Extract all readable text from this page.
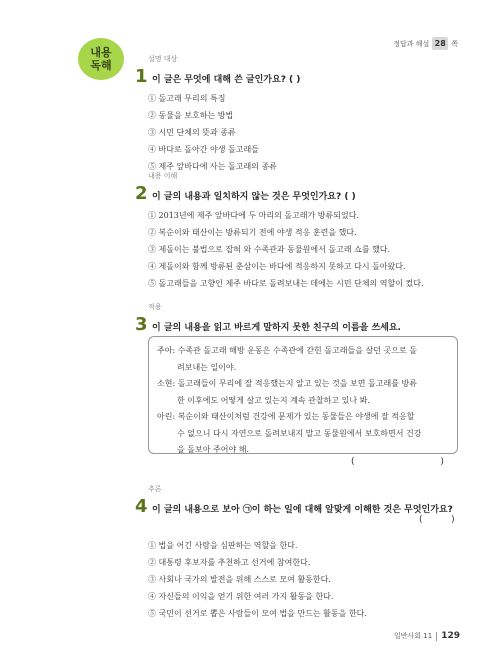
내용
독해
정답과 해설 28 쪽
설명 대상
1 이 글은 무엇에 대해 쓴 글인가요? ( )
① 돌고래 무리의 특징
② 동물을 보호하는 방법
③ 시민 단체의 뜻과 종류
④ 바다로 돌아간 야생 돌고래들
⑤ 제주 앞바다에 사는 돌고래의 종류
내용 이해
2 이 글의 내용과 일치하지 않는 것은 무엇인가요? ( )
① 2013년에 제주 앞바다에 두 마리의 돌고래가 방류되었다.
② 복순이와 태산이는 방류되기 전에 야생 적응 훈련을 했다.
③ 제돌이는 불법으로 잡혀 와 수족관과 동물원에서 돌고래 쇼를 했다.
④ 제돌이와 함께 방류된 춘삼이는 바다에 적응하지 못하고 다시 돌아왔다.
⑤ 돌고래들을 고향인 제주 바다로 돌려보내는 데에는 시민 단체의 역할이 컸다.
적용
3 이 글의 내용을 읽고 바르게 말하지 못한 친구의 이름을 쓰세요.

주아: 수족관 돌고래 해방 운동은 수족관에 갇힌 돌고래들을 살던 곳으로 돌

려보내는 일이야.

소현: 돌고래들이 무리에 잘 적응했는지 알고 있는 것을 보면 돌고래를 방류

한 이후에도 어떻게 살고 있는지 계속 관찰하고 있나 봐.

아린: 복순이와 태산이처럼 건강에 문제가 있는 동물들은 야생에 잘 적응할

수 없으니 다시 자연으로 돌려보내지 말고 동물원에서 보호하면서 건강

을 돌보아 주어야 해.

(                              )
추론
4 이 글의 내용으로 보아 ㉠이 하는 일에 대해 알맞게 이해한 것은 무엇인가요?
① 법을 어긴 사람을 심판하는 역할을 한다.
② 대통령 후보자를 추천하고 선거에 참여한다.
③ 사회나 국가의 발전을 위해 스스로 모여 활동한다.
④ 자신들의 이익을 얻기 위한 여러 가지 활동을 한다.
⑤ 국민이 선거로 뽑은 사람들이 모여 법을 만드는 활동을 한다.
(          )
일반사회 11 129
